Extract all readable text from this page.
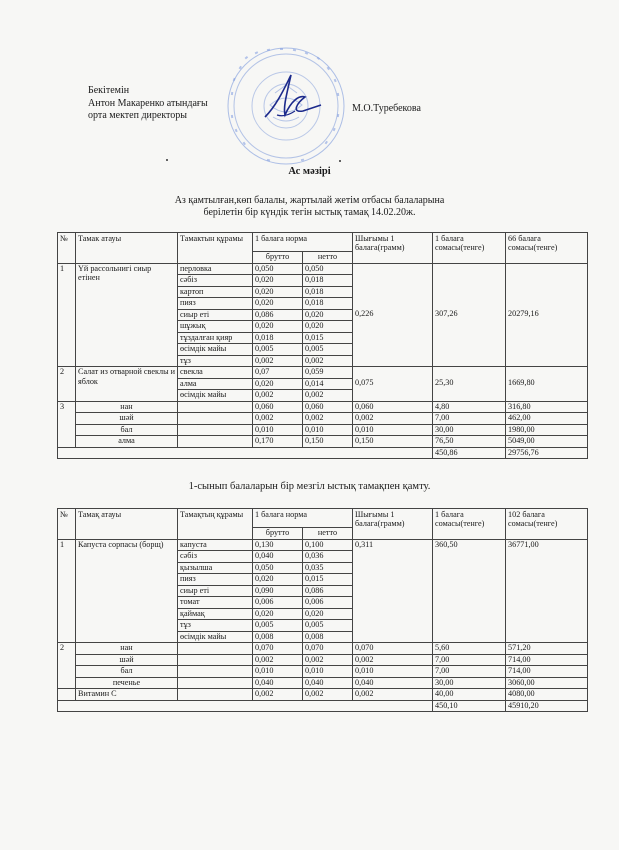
Бекітемін
Антон Макаренко атындағы
орта мектеп директоры
М.О.Туребекова
Ас мәзірі
Аз қамтылған,көп балалы, жартылай жетім отбасы балаларына
берілетін бір күндік тегін ыстық тамақ 14.02.20ж.
№	Тамак атауы	Тамактын құрамы	1 балага норма		Шығымы 1 балага(грамм)	1 балага сомасы(тенге)	66 балага сомасы(тенге)
			брутто	нетто			
1	Үй рассольнигі сиыр етінен	перловка	0,050	0,050			
		сәбіз	0,020	0,018			
		картоп	0,020	0,018			
		пияз	0,020	0,018			
		сиыр еті	0,086	0,020	0,226	307,26	20279,16
		шұжық	0,020	0,020			
		тұздалған қияр	0,018	0,015			
		өсімдік майы	0,005	0,005			
		тұз	0,002	0,002			
2	Салат из отварной свеклы и яблок	свекла	0,07	0,059			
		алма	0,020	0,014	0,075	25,30	1669,80
		өсімдік майы	0,002	0,002			
3	нан		0,060	0,060	0,060	4,80	316,80
	шәй		0,002	0,002	0,002	7,00	462,00
	бал		0,010	0,010	0,010	30,00	1980,00
	алма		0,170	0,150	0,150	76,50	5049,00
						450,86	29756,76
1-сынып балаларын бір мезгіл ыстық тамақпен қамту.
№	Тамақ атауы	Тамақтың құрамы	1 балага норма		Шығымы 1 балага(грамм)	1 балага сомасы(тенге)	102 балага сомасы(тенге)
			брутто	нетто			
1	Капуста сорпасы (борщ)	капуста	0,130	0,100	0,311	360,50	36771,00
		сәбіз	0,040	0,036			
		қызылша	0,050	0,035			
		пияз	0,020	0,015			
		сиыр еті	0,090	0,086			
		томат	0,006	0,006			
		қаймақ	0,020	0,020			
		тұз	0,005	0,005			
		өсімдік майы	0,008	0,008			
2	нан		0,070	0,070	0,070	5,60	571,20
	шәй		0,002	0,002	0,002	7,00	714,00
	бал		0,010	0,010	0,010	7,00	714,00
	печенье		0,040	0,040	0,040	30,00	3060,00
	Витамин С		0,002	0,002	0,002	40,00	4080,00
						450,10	45910,20
